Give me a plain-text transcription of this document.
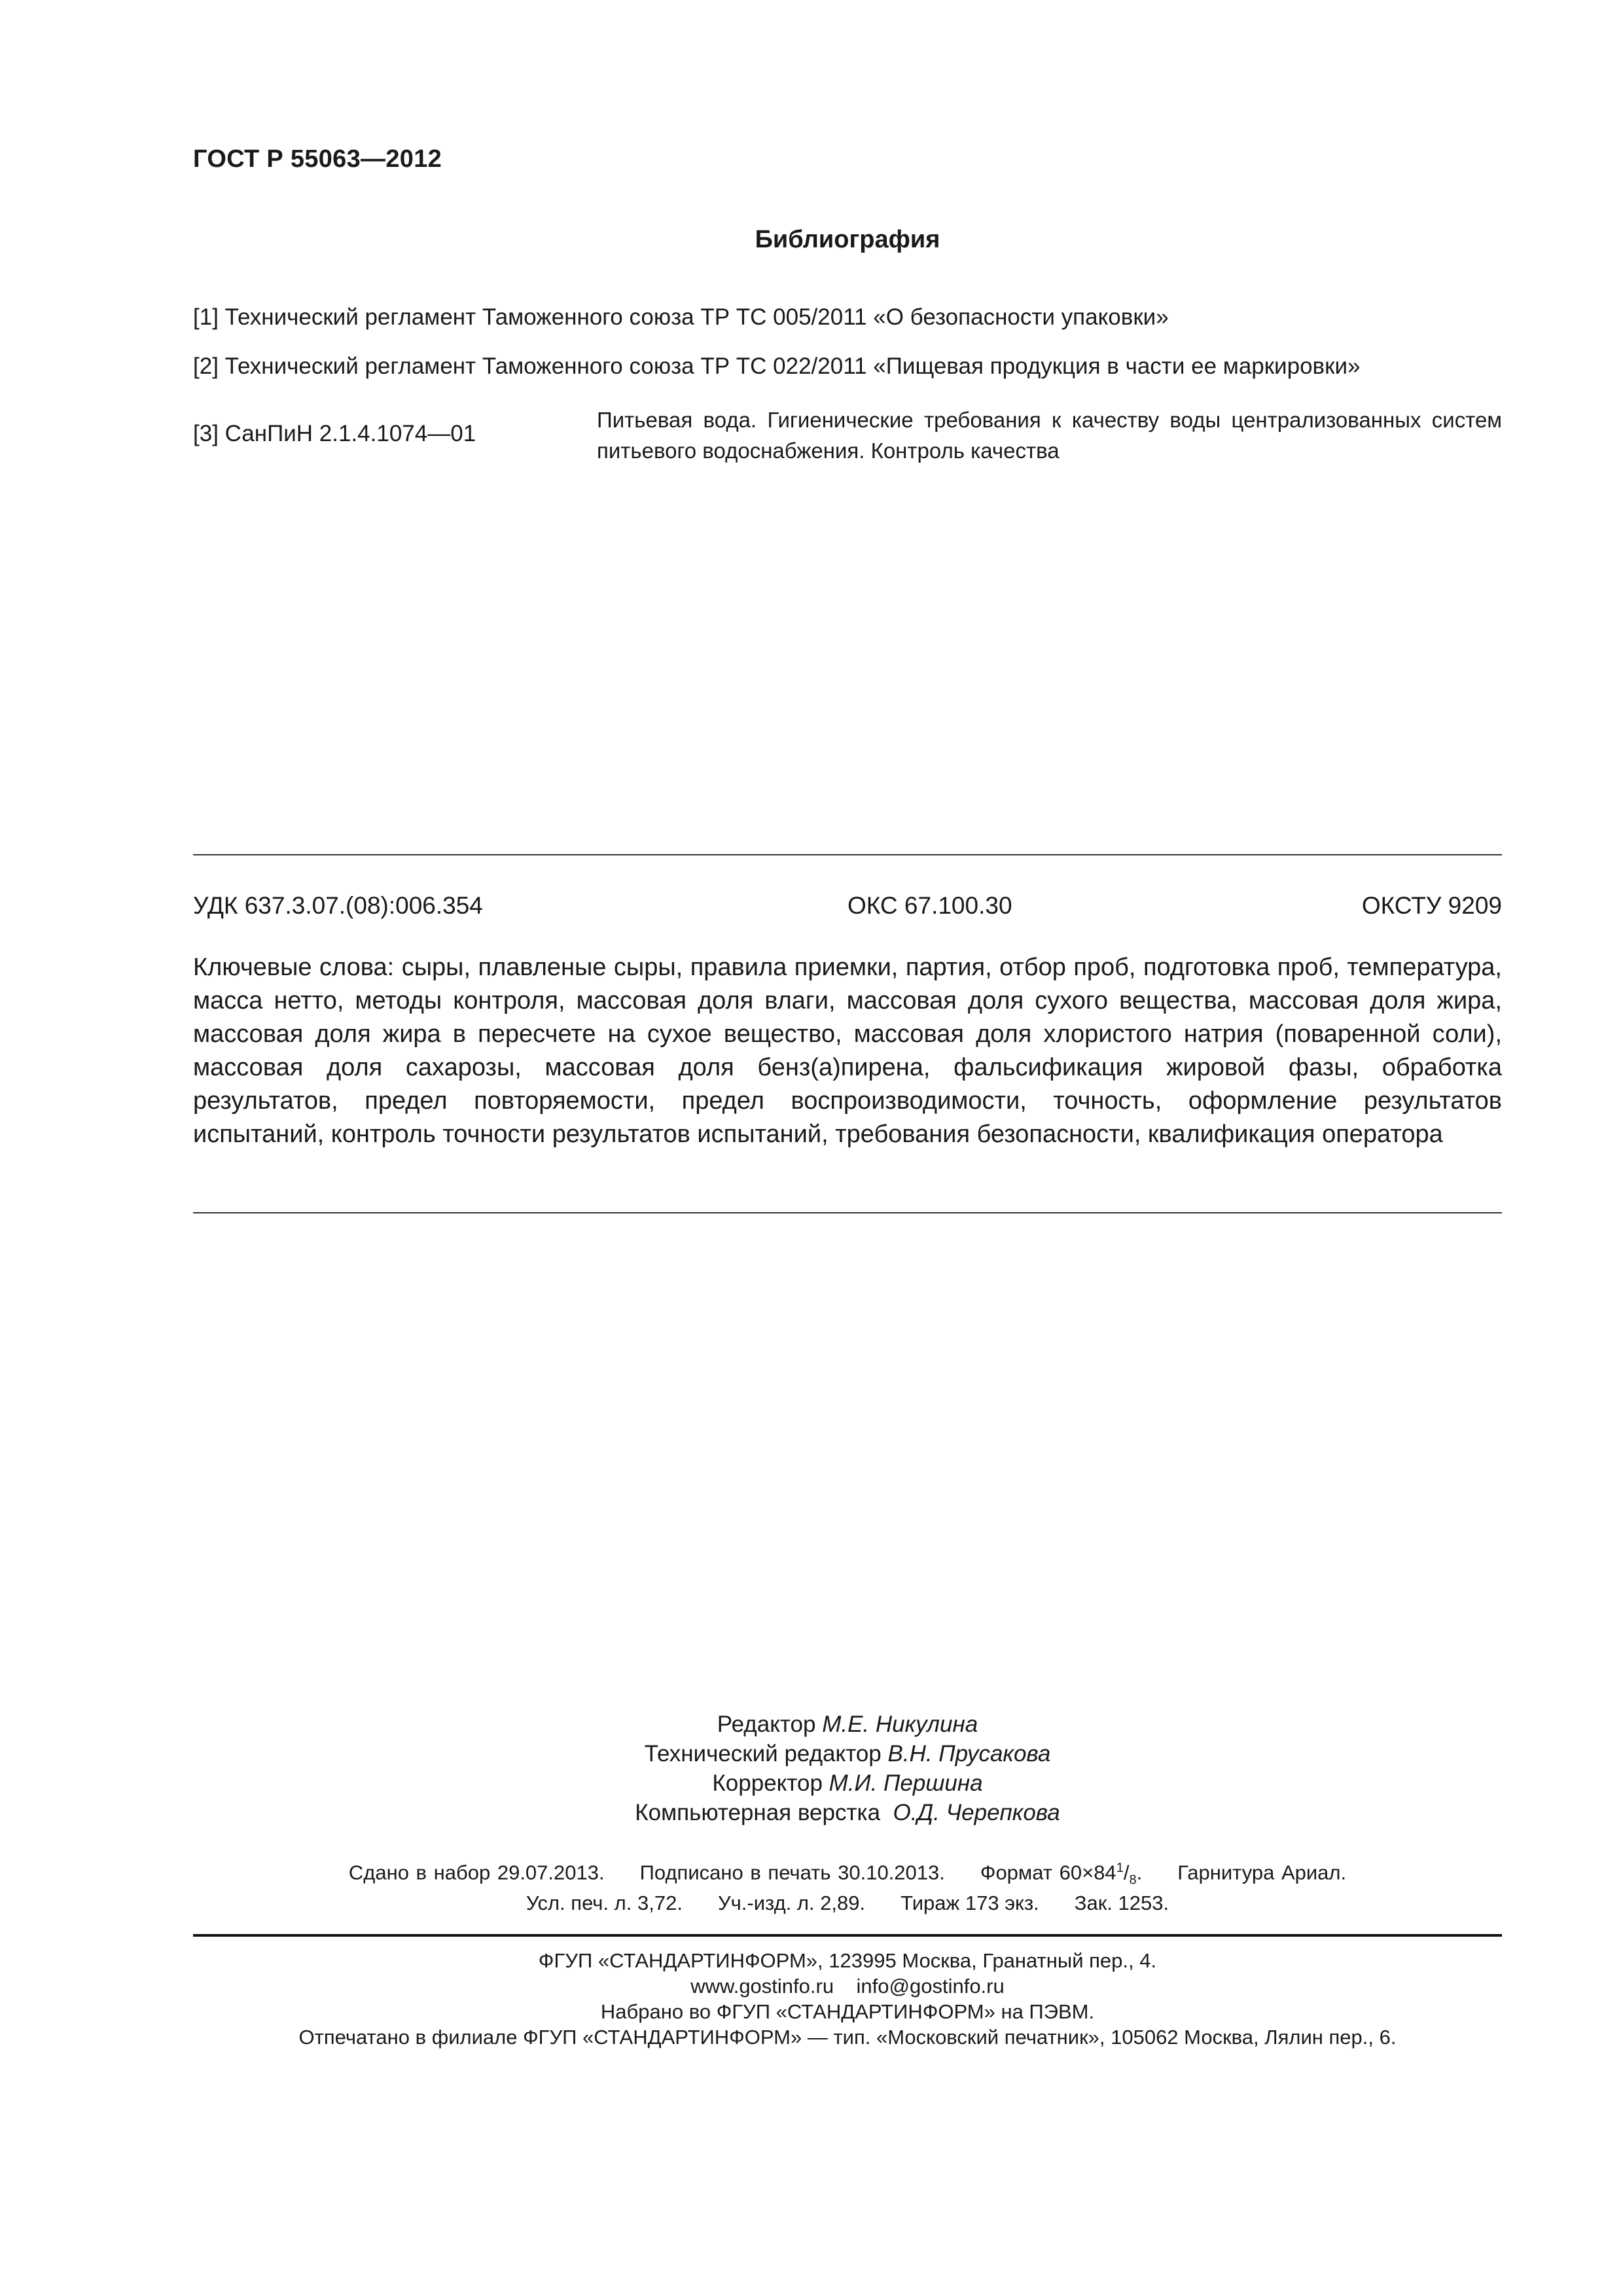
ГОСТ Р 55063—2012
Библиография
[1] Технический регламент Таможенного союза ТР ТС 005/2011 «О безопасности упаковки»
[2] Технический регламент Таможенного союза ТР ТС 022/2011 «Пищевая продукция в части ее маркировки»
[3] СанПиН 2.1.4.1074—01
Питьевая вода. Гигиенические требования к качеству воды централизованных систем питьевого водоснабжения. Контроль качества
УДК 637.3.07.(08):006.354	ОКС 67.100.30	ОКСТУ 9209
Ключевые слова: сыры, плавленые сыры, правила приемки, партия, отбор проб, подготовка проб, температура, масса нетто, методы контроля, массовая доля влаги, массовая доля сухого вещества, массовая доля жира, массовая доля жира в пересчете на сухое вещество, массовая доля хлористого натрия (поваренной соли), массовая доля сахарозы, массовая доля бенз(а)пирена, фальсификация жировой фазы, обработка результатов, предел повторяемости, предел воспроизводимости, точность, оформление результатов испытаний, контроль точности результатов испытаний, требования безопасности, квалификация оператора
Редактор М.Е. Никулина
Технический редактор В.Н. Прусакова
Корректор М.И. Першина
Компьютерная верстка О.Д. Черепкова
Сдано в набор 29.07.2013. Подписано в печать 30.10.2013. Формат $60\times 84^1/_8$. Гарнитура Ариал.
Усл. печ. л. 3,72. Уч.-изд. л. 2,89. Тираж 173 экз. Зак. 1253.
ФГУП «СТАНДАРТИНФОРМ», 123995 Москва, Гранатный пер., 4.
www.gostinfo.ru info@gostinfo.ru
Набрано во ФГУП «СТАНДАРТИНФОРМ» на ПЭВМ.
Отпечатано в филиале ФГУП «СТАНДАРТИНФОРМ» — тип. «Московский печатник», 105062 Москва, Лялин пер., 6.
